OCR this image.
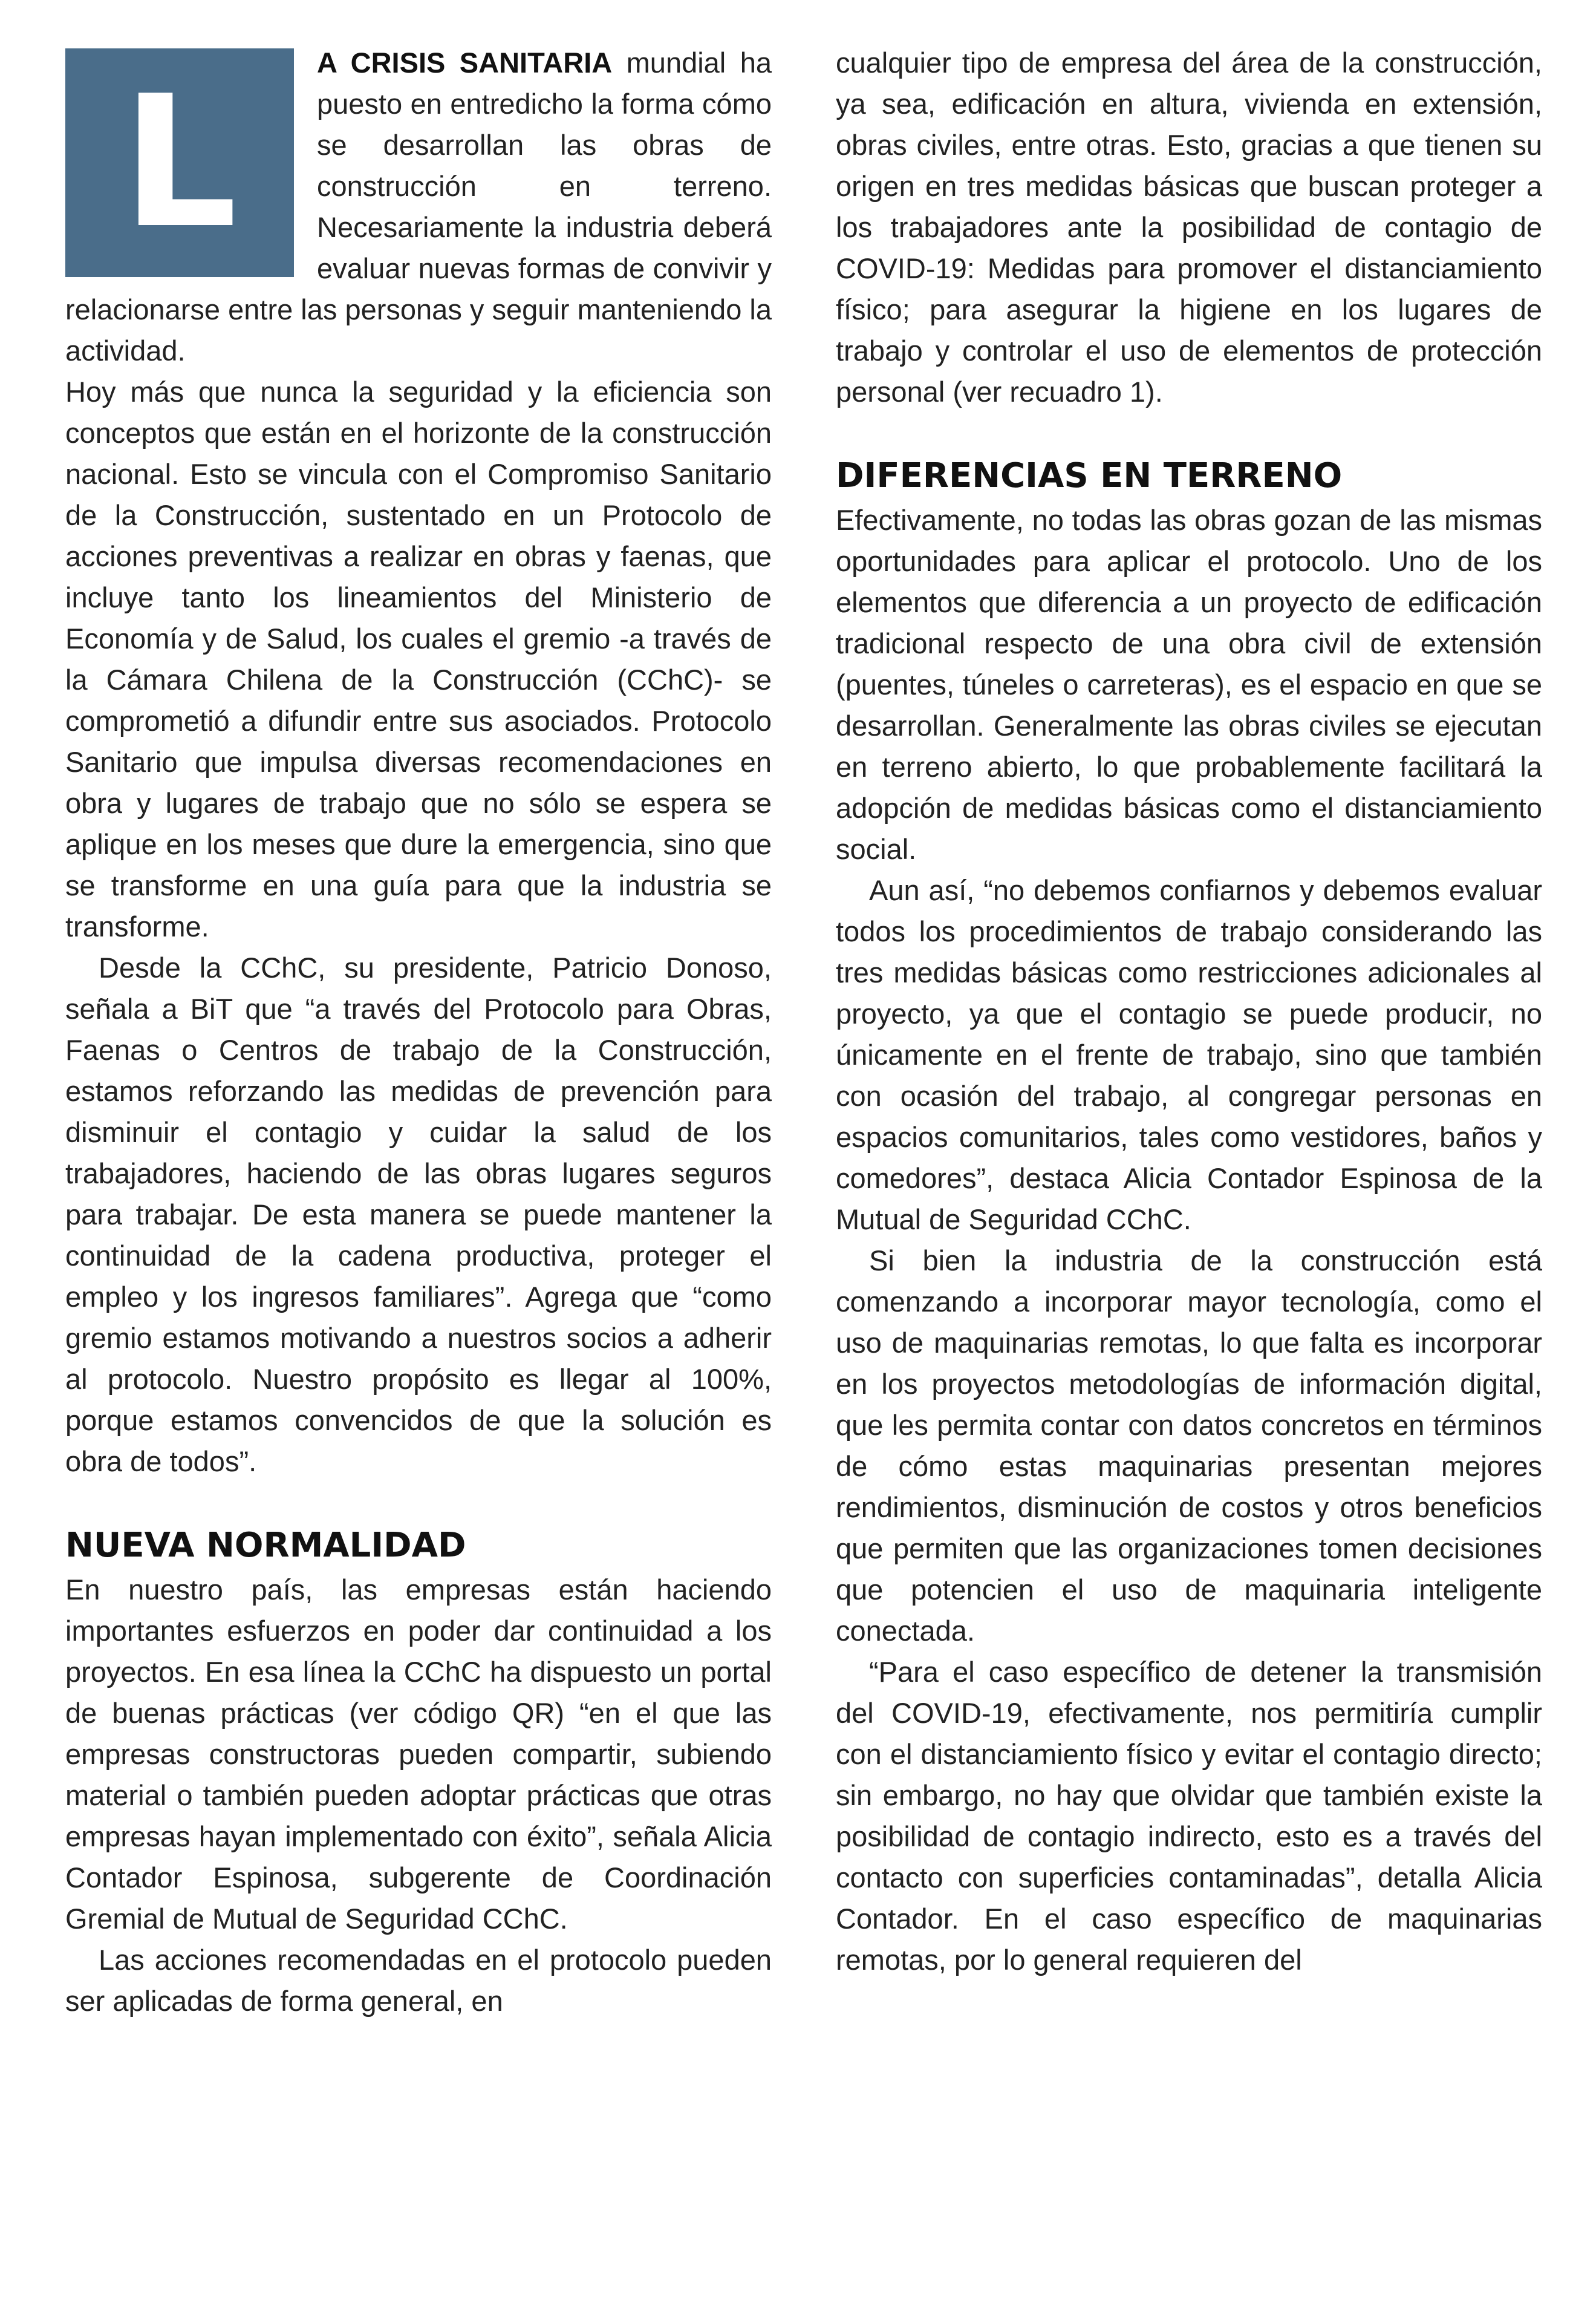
L	A CRISIS SANITARIA mundial ha puesto en entredicho la forma cómo se desarrollan las obras de construcción en terreno. Necesariamente la industria deberá evaluar nuevas formas de convivir y relacionarse entre las personas y seguir manteniendo la actividad.

Hoy más que nunca la seguridad y la eficiencia son conceptos que están en el horizonte de la construcción nacional. Esto se vincula con el Compromiso Sanitario de la Construcción, sustentado en un Protocolo de acciones preventivas a realizar en obras y faenas, que incluye tanto los lineamientos del Ministerio de Economía y de Salud, los cuales el gremio -a través de la Cámara Chilena de la Construcción (CChC)- se comprometió a difundir entre sus asociados. Protocolo Sanitario que impulsa diversas recomendaciones en obra y lugares de trabajo que no sólo se espera se aplique en los meses que dure la emergencia, sino que se transforme en una guía para que la industria se transforme.

Desde la CChC, su presidente, Patricio Donoso, señala a BiT que “a través del Protocolo para Obras, Faenas o Centros de trabajo de la Construcción, estamos reforzando las medidas de prevención para disminuir el contagio y cuidar la salud de los trabajadores, haciendo de las obras lugares seguros para trabajar. De esta manera se puede mantener la continuidad de la cadena productiva, proteger el empleo y los ingresos familiares”. Agrega que “como gremio estamos motivando a nuestros socios a adherir al protocolo. Nuestro propósito es llegar al 100%, porque estamos convencidos de que la solución es obra de todos”.

NUEVA NORMALIDAD

En nuestro país, las empresas están haciendo importantes esfuerzos en poder dar continuidad a los proyectos. En esa línea la CChC ha dispuesto un portal de buenas prácticas (ver código QR) “en el que las empresas constructoras pueden compartir, subiendo material o también pueden adoptar prácticas que otras empresas hayan implementado con éxito”, señala Alicia Contador Espinosa, subgerente de Coordinación Gremial de Mutual de Seguridad CChC.

Las acciones recomendadas en el protocolo pueden ser aplicadas de forma general, en

cualquier tipo de empresa del área de la construcción, ya sea, edificación en altura, vivienda en extensión, obras civiles, entre otras. Esto, gracias a que tienen su origen en tres medidas básicas que buscan proteger a los trabajadores ante la posibilidad de contagio de COVID-19: Medidas para promover el distanciamiento físico; para asegurar la higiene en los lugares de trabajo y controlar el uso de elementos de protección personal (ver recuadro 1).

DIFERENCIAS EN TERRENO

Efectivamente, no todas las obras gozan de las mismas oportunidades para aplicar el protocolo. Uno de los elementos que diferencia a un proyecto de edificación tradicional respecto de una obra civil de extensión (puentes, túneles o carreteras), es el espacio en que se desarrollan. Generalmente las obras civiles se ejecutan en terreno abierto, lo que probablemente facilitará la adopción de medidas básicas como el distanciamiento social.

Aun así, “no debemos confiarnos y debemos evaluar todos los procedimientos de trabajo considerando las tres medidas básicas como restricciones adicionales al proyecto, ya que el contagio se puede producir, no únicamente en el frente de trabajo, sino que también con ocasión del trabajo, al congregar personas en espacios comunitarios, tales como vestidores, baños y comedores”, destaca Alicia Contador Espinosa de la Mutual de Seguridad CChC.

Si bien la industria de la construcción está comenzando a incorporar mayor tecnología, como el uso de maquinarias remotas, lo que falta es incorporar en los proyectos metodologías de información digital, que les permita contar con datos concretos en términos de cómo estas maquinarias presentan mejores rendimientos, disminución de costos y otros beneficios que permiten que las organizaciones tomen decisiones que potencien el uso de maquinaria inteligente conectada.

“Para el caso específico de detener la transmisión del COVID-19, efectivamente, nos permitiría cumplir con el distanciamiento físico y evitar el contagio directo; sin embargo, no hay que olvidar que también existe la posibilidad de contagio indirecto, esto es a través del contacto con superficies contaminadas”, detalla Alicia Contador. En el caso específico de maquinarias remotas, por lo general requieren del
